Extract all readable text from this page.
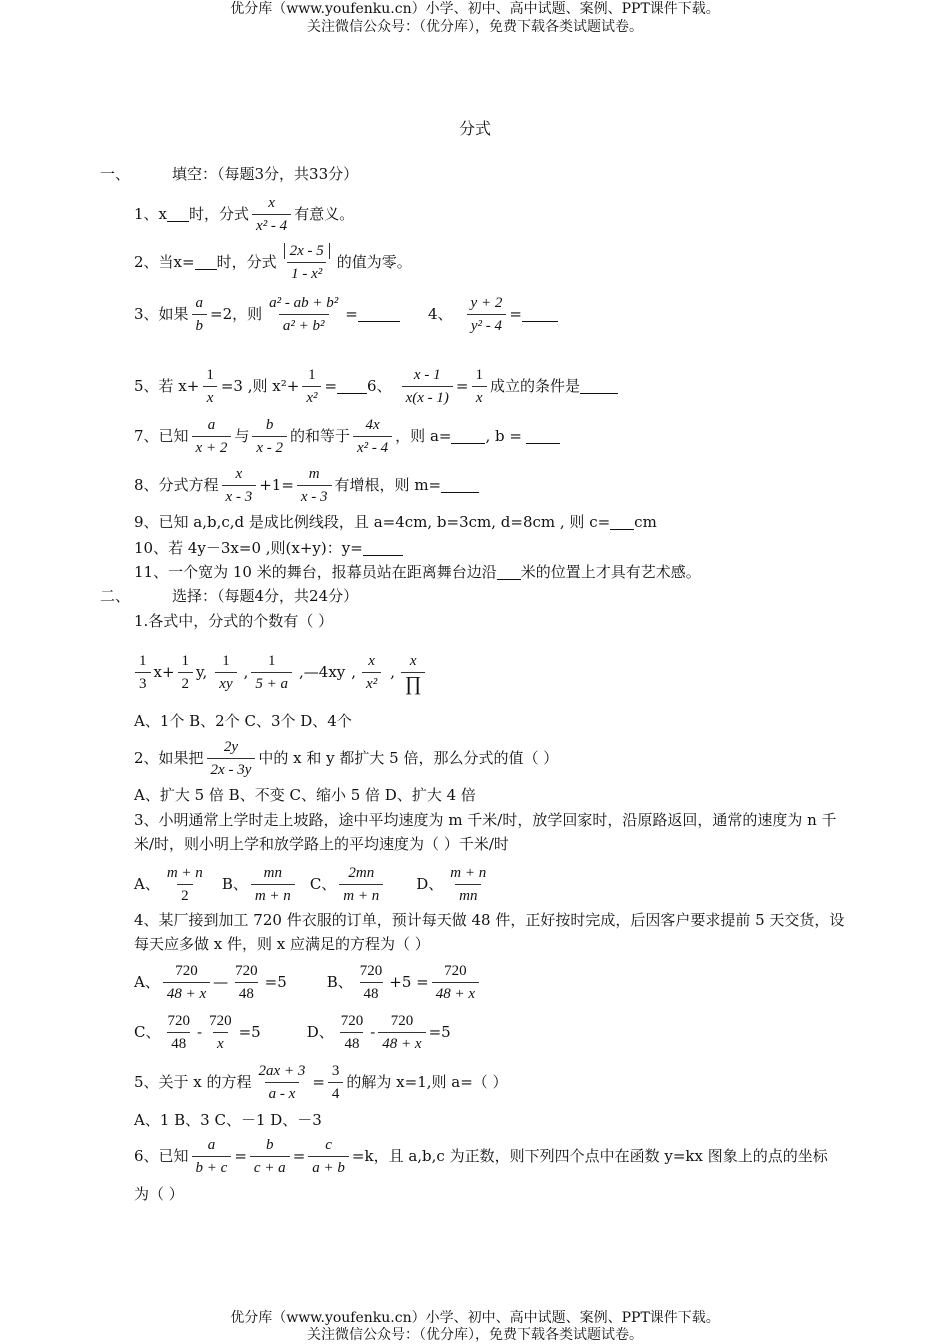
优分库（www.youfenku.cn）小学、初中、高中试题、案例、PPT课件下载。
关注微信公众号：（优分库），免费下载各类试题试卷。
分式
一、	填空：（每题3分，共33分）
1、x 时，分式 $\frac{x}{\text{x² - 4}}$ 有意义。
2、当x= 时，分式 $\frac{2x - 5}{\text{1 - x²}}$ 的值为零。
3、如果 $\frac{a}{b} =2$，则 $\frac{\text{a² - ab + b²}}{\text{a² + b²}}$ =	4、 $\frac{y + 2}{\text{y² - 4}}$ =
5、若 $x+ \frac{1}{x} =3$ ,则 $x^2+ \frac{1}{\text{x²}} = 6$、 $\frac{x - 1}{x(x - 1)} = \frac{1}{x}$ 成立的条件是
7、已知 $\frac{a}{x + 2}$ 与 $\frac{b}{x - 2}$ 的和等于 $\frac{4x}{\text{x² - 4}}$ ，则 a= , b =
8、分式方程 $\frac{x}{x - 3} +1= \frac{m}{x - 3}$ 有增根，则 m=
9、已知 a,b,c,d 是成比例线段，且 a=4cm, b=3cm, d=8cm , 则 c= cm
10、若 4y－3x=0 ,则(x+y)：y=
11、一个宽为 10 米的舞台，报幕员站在距离舞台边沿 米的位置上才具有艺术感。
二、	选择：（每题4分，共24分）
1.各式中，分式的个数有（ ）
$\frac{1}{3} x+ \frac{1}{2} y$, $\frac{1}{xy}$ , $\frac{1}{5 + a}$ ,—4xy , $\frac{x}{\text{x²}}$ , $\frac{x}{\prod}$
A、1个 B、2个 C、3个 D、4个
2、如果把 $\frac{2y}{2x - 3y}$ 中的 x 和 y 都扩大 5 倍，那么分式的值（ ）
A、扩大 5 倍 B、不变 C、缩小 5 倍 D、扩大 4 倍
3、小明通常上学时走上坡路，途中平均速度为 m 千米/时，放学回家时，沿原路返回，通常的速度为 n 千米/时，则小明上学和放学路上的平均速度为（ ）千米/时
A、 $\frac{m + n}{2}$ B、 $\frac{mn}{m + n}$ C、 $\frac{2mn}{m + n}$ D、 $\frac{m + n}{mn}$
4、某厂接到加工 720 件衣服的订单，预计每天做 48 件，正好按时完成，后因客户要求提前 5 天交货，设每天应多做 x 件，则 x 应满足的方程为（ ）
A、 $\frac{720}{48 + x}$ — $\frac{720}{48} =5$	B、 $\frac{720}{48} +5 = \frac{720}{48 + x}$
C、 $\frac{720}{48} - \frac{720}{x} =5$	D、 $\frac{720}{48} - \frac{720}{48 + x} =5$
5、关于 x 的方程 $\frac{2ax + 3}{a - x} = \frac{3}{4}$ 的解为 x=1,则 a=（ ）
A、1 B、3 C、－1 D、－3
6、已知 $\frac{a}{b + c} = \frac{b}{c + a} = \frac{c}{a + b} =k$ ，且 a,b,c 为正数，则下列四个点中在函数 y=kx 图象上的点的坐标
为（ ）
优分库（www.youfenku.cn）小学、初中、高中试题、案例、PPT课件下载。
关注微信公众号：（优分库），免费下载各类试题试卷。
